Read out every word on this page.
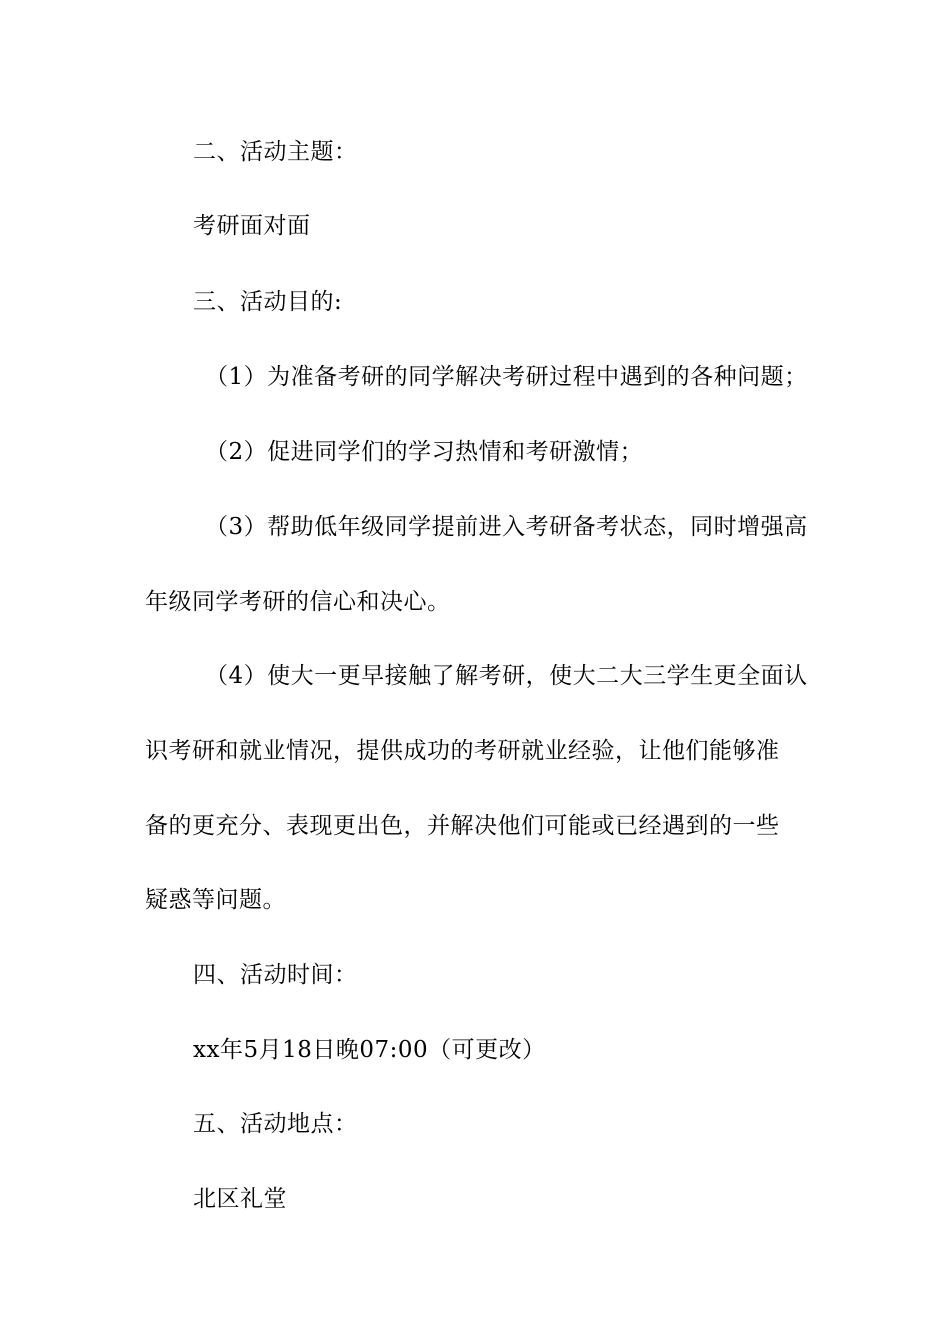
二、活动主题：
考研面对面
三、活动目的:
（1）为准备考研的同学解决考研过程中遇到的各种问题；
（2）促进同学们的学习热情和考研激情；
（3）帮助低年级同学提前进入考研备考状态，同时增强高
年级同学考研的信心和决心。
（4）使大一更早接触了解考研，使大二大三学生更全面认
识考研和就业情况，提供成功的考研就业经验，让他们能够准
备的更充分、表现更出色，并解决他们可能或已经遇到的一些
疑惑等问题。
四、活动时间：
xx年5月18日晚07:00（可更改）
五、活动地点：
北区礼堂
